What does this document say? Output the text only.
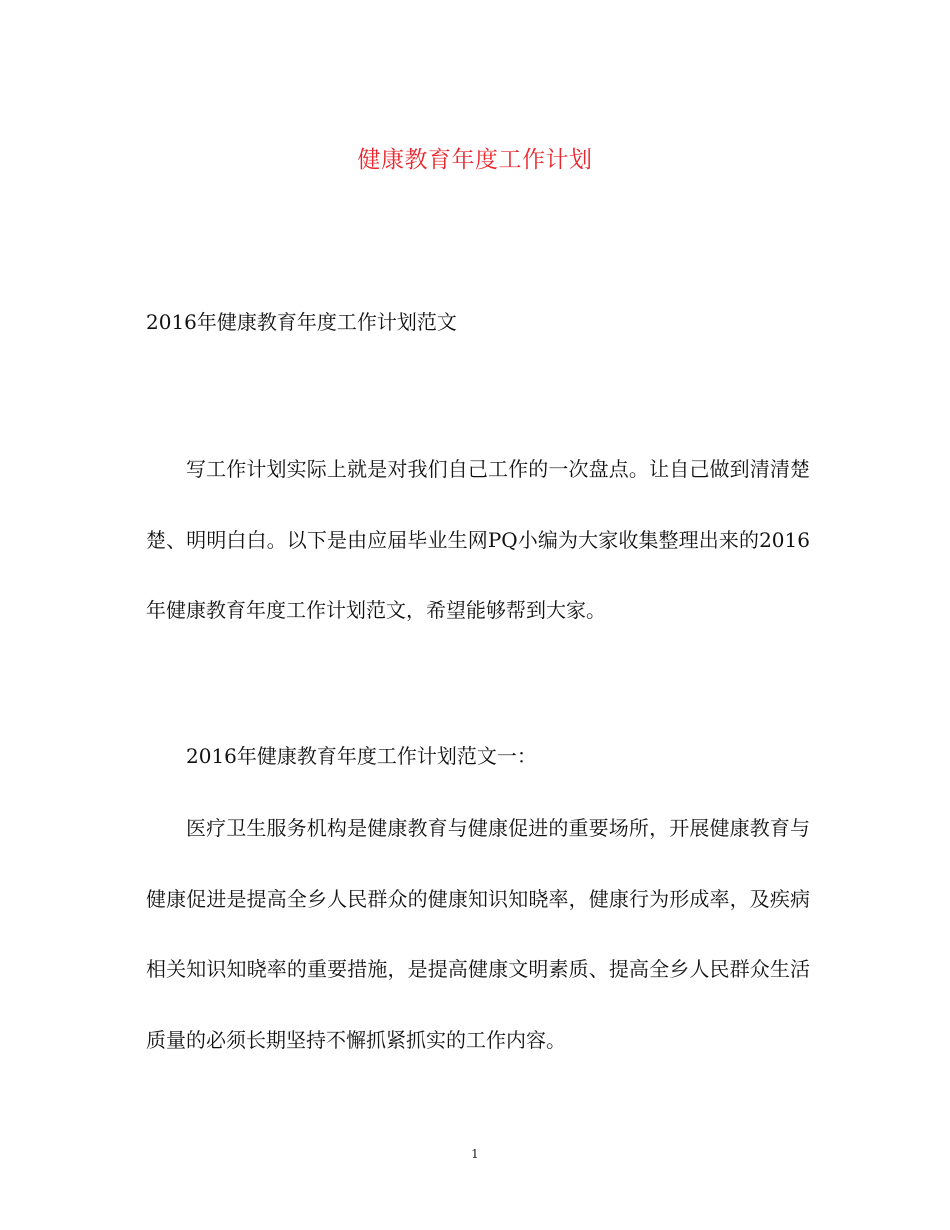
健康教育年度工作计划
2016年健康教育年度工作计划范文

写工作计划实际上就是对我们自己工作的一次盘点。让自己做到清清楚楚、明明白白。以下是由应届毕业生网PQ小编为大家收集整理出来的2016年健康教育年度工作计划范文，希望能够帮到大家。

2016年健康教育年度工作计划范文一：

医疗卫生服务机构是健康教育与健康促进的重要场所，开展健康教育与健康促进是提高全乡人民群众的健康知识知晓率，健康行为形成率，及疾病相关知识知晓率的重要措施，是提高健康文明素质、提高全乡人民群众生活质量的必须长期坚持不懈抓紧抓实的工作内容。

1
